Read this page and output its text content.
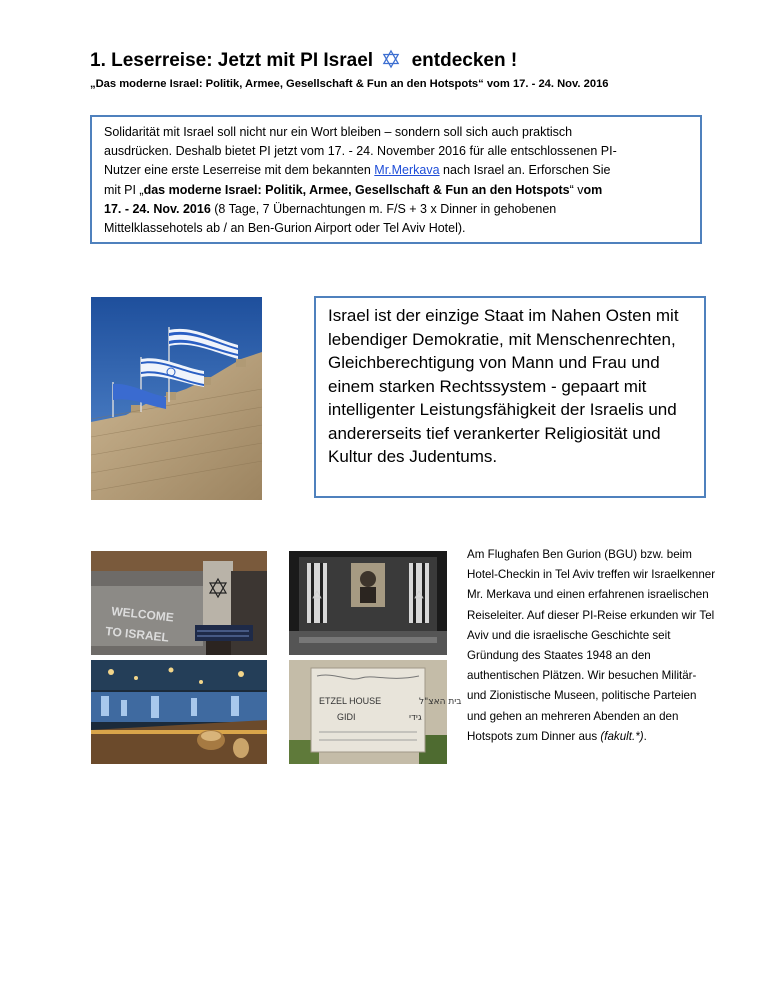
1. Leserreise: Jetzt mit PI Israel entdecken !
„Das moderne Israel: Politik, Armee, Gesellschaft & Fun an den Hotspots“ vom 17. - 24. Nov. 2016
Solidarität mit Israel soll nicht nur ein Wort bleiben – sondern soll sich auch praktisch
ausdrücken. Deshalb bietet PI jetzt vom 17. - 24. November 2016 für alle entschlossenen PI-
Nutzer eine erste Leserreise mit dem bekannten Mr.Merkava nach Israel an. Erforschen Sie
mit PI „das moderne Israel: Politik, Armee, Gesellschaft & Fun an den Hotspots“ vom
17. - 24. Nov. 2016 (8 Tage, 7 Übernachtungen m. F/S + 3 x Dinner in gehobenen
Mittelklassehotels ab / an Ben-Gurion Airport oder Tel Aviv Hotel).
Israel ist der einzige Staat im Nahen Osten mit lebendiger Demokratie, mit Menschenrechten, Gleichberechtigung von Mann und Frau und einem starken Rechtssystem - gepaart mit intelligenter Leistungsfähigkeit der Israelis und andererseits tief verankerter Religiosität und Kultur des Judentums.
WELCOME
TO ISRAEL
ETZEL HOUSE
GIDI
בית האצ"ל
גידי
Am Flughafen Ben Gurion (BGU) bzw. beim Hotel-Checkin in Tel Aviv treffen wir Israelkenner Mr. Merkava und einen erfahrenen israelischen Reiseleiter. Auf dieser PI-Reise erkunden wir Tel Aviv und die israelische Geschichte seit Gründung des Staates 1948 an den authentischen Plätzen. Wir besuchen Militär- und Zionistische Museen, politische Parteien und gehen an mehreren Abenden an den Hotspots zum Dinner aus (fakult.*).
